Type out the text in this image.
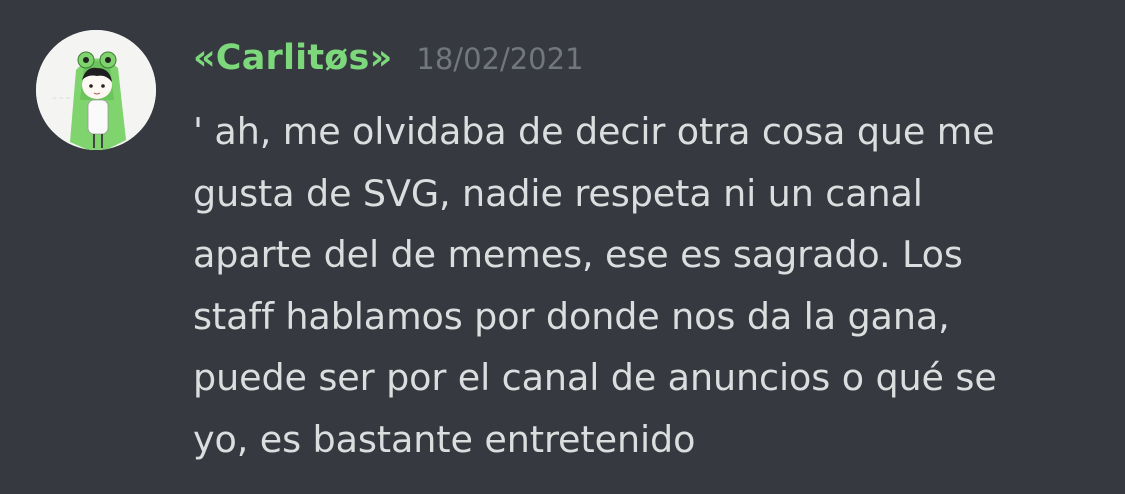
~ ~ ~
«Carlitøs» 18/02/2021
' ah, me olvidaba de decir otra cosa que me
gusta de SVG, nadie respeta ni un canal
aparte del de memes, ese es sagrado. Los
staff hablamos por donde nos da la gana,
puede ser por el canal de anuncios o qué se
yo, es bastante entretenido
